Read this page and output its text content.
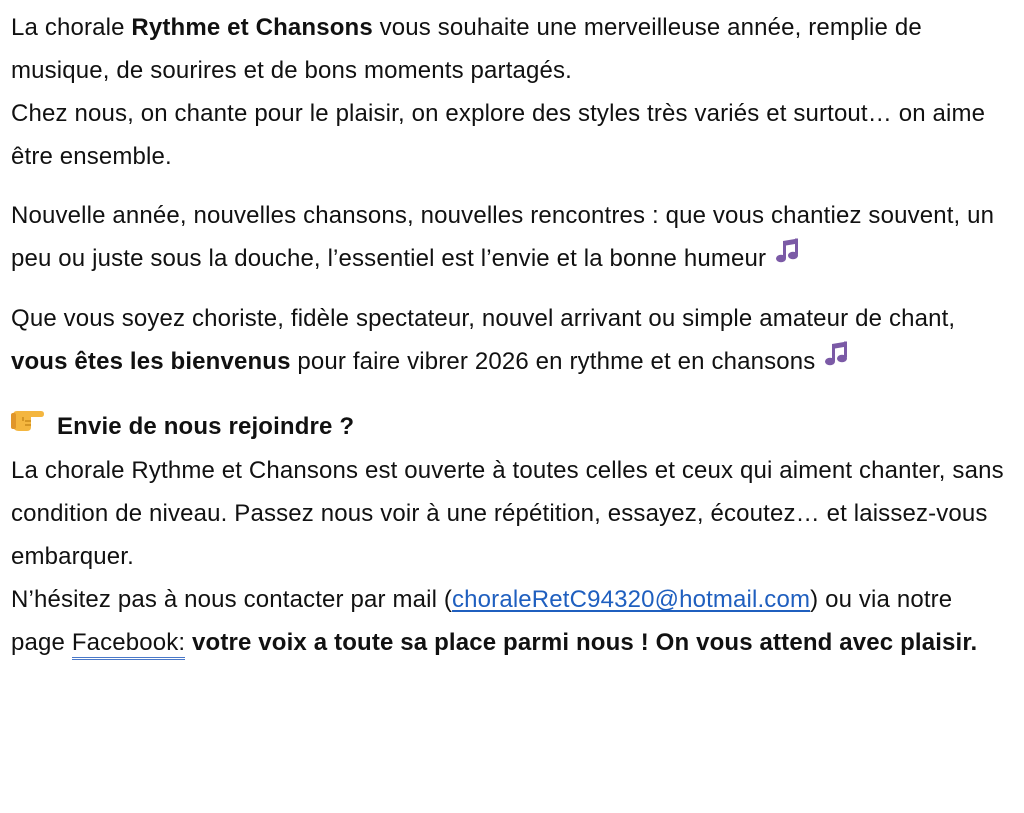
La chorale Rythme et Chansons vous souhaite une merveilleuse année, remplie de musique, de sourires et de bons moments partagés.

Chez nous, on chante pour le plaisir, on explore des styles très variés et surtout… on aime être ensemble.

Nouvelle année, nouvelles chansons, nouvelles rencontres : que vous chantiez souvent, un peu ou juste sous la douche, l’essentiel est l’envie et la bonne humeur

Que vous soyez choriste, fidèle spectateur, nouvel arrivant ou simple amateur de chant, vous êtes les bienvenus pour faire vibrer 2026 en rythme et en chansons

Envie de nous rejoindre ?

La chorale Rythme et Chansons est ouverte à toutes celles et ceux qui aiment chanter, sans condition de niveau. Passez nous voir à une répétition, essayez, écoutez… et laissez-vous embarquer.

N’hésitez pas à nous contacter par mail (choraleRetC94320@hotmail.com) ou via notre page Facebook: votre voix a toute sa place parmi nous ! On vous attend avec plaisir.
